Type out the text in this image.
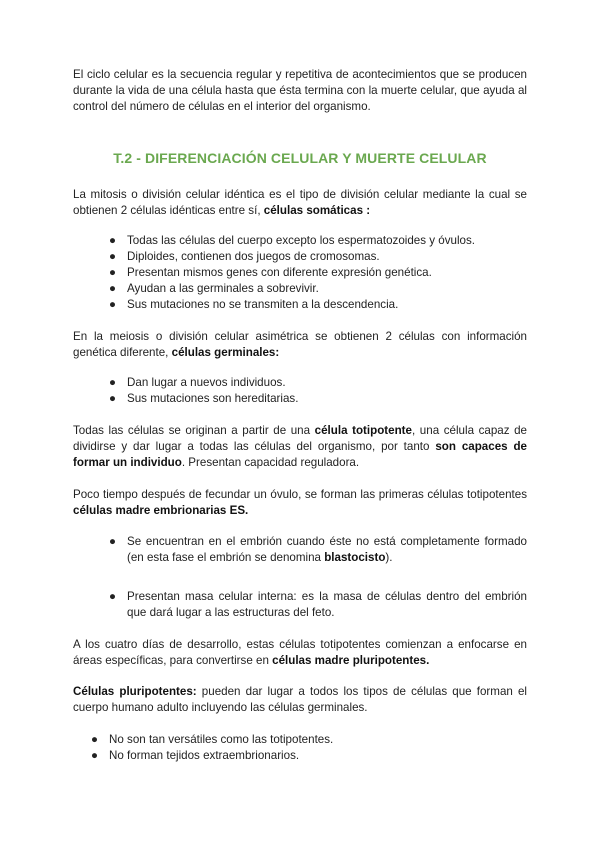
El ciclo celular es la secuencia regular y repetitiva de acontecimientos que se producen durante la vida de una célula hasta que ésta termina con la muerte celular, que ayuda al control del número de células en el interior del organismo.

T.2 - DIFERENCIACIÓN CELULAR Y MUERTE CELULAR

La mitosis o división celular idéntica es el tipo de división celular mediante la cual se obtienen 2 células idénticas entre sí, células somáticas :

● Todas las células del cuerpo excepto los espermatozoides y óvulos.
● Diploides, contienen dos juegos de cromosomas.
● Presentan mismos genes con diferente expresión genética.
● Ayudan a las germinales a sobrevivir.
● Sus mutaciones no se transmiten a la descendencia.

En la meiosis o división celular asimétrica se obtienen 2 células con información genética diferente, células germinales:

● Dan lugar a nuevos individuos.
● Sus mutaciones son hereditarias.

Todas las células se originan a partir de una célula totipotente, una célula capaz de dividirse y dar lugar a todas las células del organismo, por tanto son capaces de formar un individuo. Presentan capacidad reguladora.

Poco tiempo después de fecundar un óvulo, se forman las primeras células totipotentes células madre embrionarias ES.

● Se encuentran en el embrión cuando éste no está completamente formado (en esta fase el embrión se denomina blastocisto).
● Presentan masa celular interna: es la masa de células dentro del embrión que dará lugar a las estructuras del feto.

A los cuatro días de desarrollo, estas células totipotentes comienzan a enfocarse en áreas específicas, para convertirse en células madre pluripotentes.

Células pluripotentes: pueden dar lugar a todos los tipos de células que forman el cuerpo humano adulto incluyendo las células germinales.

● No son tan versátiles como las totipotentes.
● No forman tejidos extraembrionarios.
